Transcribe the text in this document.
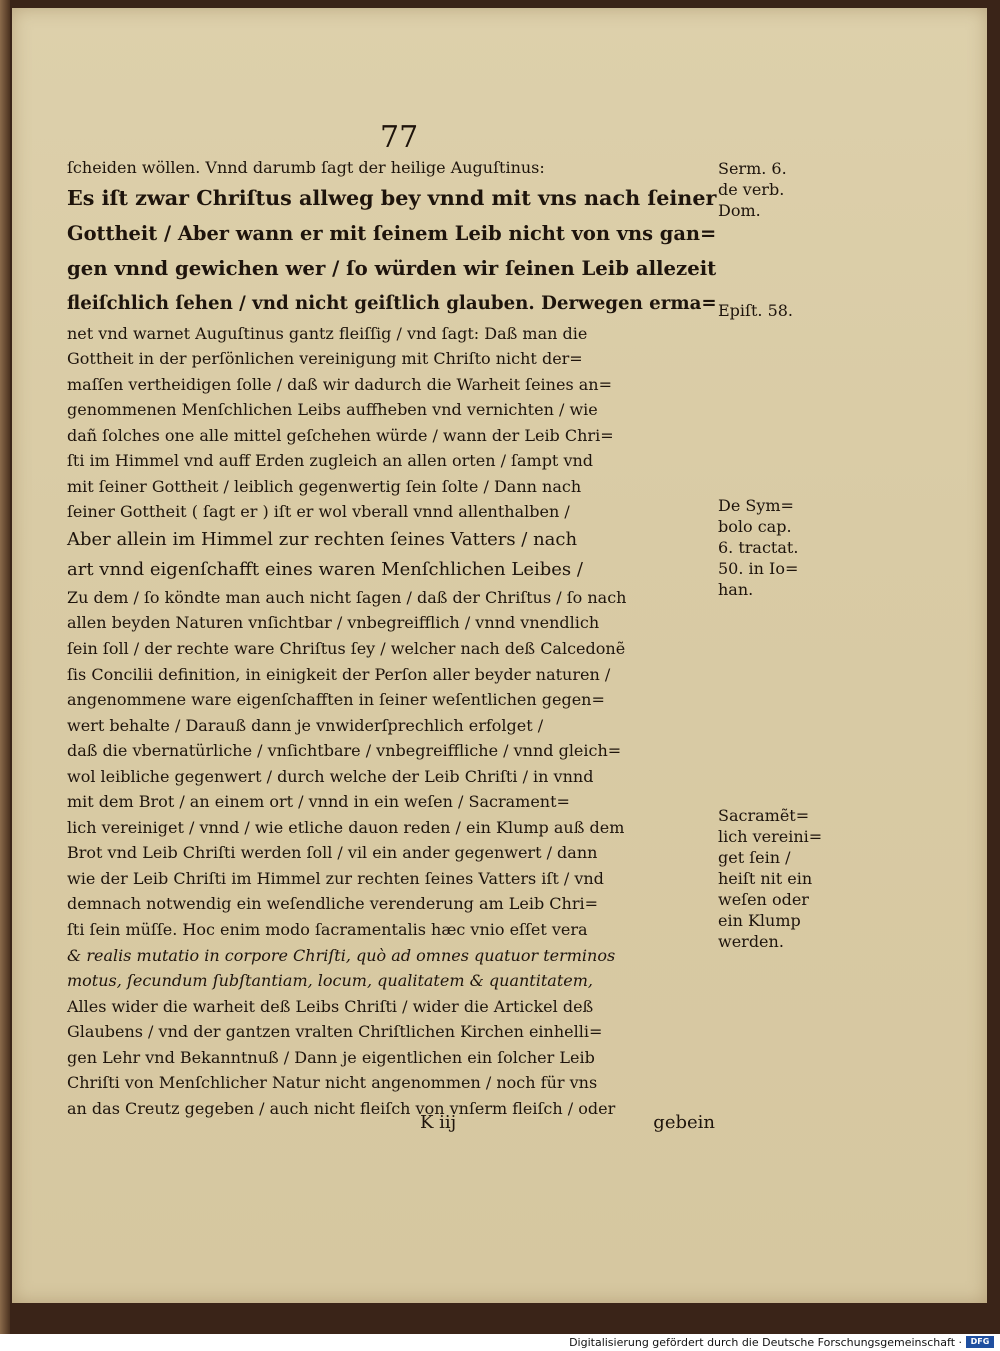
77
ſcheiden wöllen. Vnnd darumb ſagt der heilige Auguſtinus:
Es iſt zwar Chriſtus allweg bey vnnd mit vns nach ſeiner
Gottheit / Aber wann er mit ſeinem Leib nicht von vns gan=
gen vnnd gewichen wer / ſo würden wir ſeinen Leib allezeit
fleiſchlich ſehen / vnd nicht geiſtlich glauben. Derwegen erma=
net vnd warnet Auguſtinus gantz fleiſſig / vnd ſagt: Daß man die
Gottheit in der perſönlichen vereinigung mit Chriſto nicht der=
maſſen vertheidigen ſolle / daß wir dadurch die Warheit ſeines an=
genommenen Menſchlichen Leibs auffheben vnd vernichten / wie
dañ ſolches one alle mittel geſchehen würde / wann der Leib Chri=
ſti im Himmel vnd auff Erden zugleich an allen orten / ſampt vnd
mit ſeiner Gottheit / leiblich gegenwertig ſein ſolte / Dann nach
ſeiner Gottheit ( ſagt er ) iſt er wol vberall vnnd allenthalben /
Aber allein im Himmel zur rechten ſeines Vatters / nach
art vnnd eigenſchafft eines waren Menſchlichen Leibes /
Zu dem / ſo köndte man auch nicht ſagen / daß der Chriſtus / ſo nach
allen beyden Naturen vnſichtbar / vnbegreifflich / vnnd vnendlich
ſein ſoll / der rechte ware Chriſtus ſey / welcher nach deß Calcedonẽ
ſis Concilii definition, in einigkeit der Perſon aller beyder naturen /
angenommene ware eigenſchafften in ſeiner weſentlichen gegen=
wert behalte / Darauß dann je vnwiderſprechlich erfolget /
daß die vbernatürliche / vnſichtbare / vnbegreiffliche / vnnd gleich=
wol leibliche gegenwert / durch welche der Leib Chriſti / in vnnd
mit dem Brot / an einem ort / vnnd in ein weſen / Sacrament=
lich vereiniget / vnnd / wie etliche dauon reden / ein Klump auß dem
Brot vnd Leib Chriſti werden ſoll / vil ein ander gegenwert / dann
wie der Leib Chriſti im Himmel zur rechten ſeines Vatters iſt / vnd
demnach notwendig ein weſendliche verenderung am Leib Chri=
ſti ſein müſſe. Hoc enim modo ſacramentalis hæc vnio eſſet vera
& realis mutatio in corpore Chriſti, quò ad omnes quatuor terminos
motus, ſecundum ſubſtantiam, locum, qualitatem & quantitatem,
Alles wider die warheit deß Leibs Chriſti / wider die Artickel deß
Glaubens / vnd der gantzen vralten Chriſtlichen Kirchen einhelli=
gen Lehr vnd Bekanntnuß / Dann je eigentlichen ein ſolcher Leib
Chriſti von Menſchlicher Natur nicht angenommen / noch für vns
an das Creutz gegeben / auch nicht fleiſch von vnſerm fleiſch / oder
Serm. 6.
de verb.
Dom.
Epiſt. 58.
De Sym=
bolo cap.
6. tractat.
50. in Io=
han.
Sacramẽt=
lich vereini=
get ſein /
heiſt nit ein
weſen oder
ein Klump
werden.
K iij	gebein
Digitalisierung gefördert durch die Deutsche Forschungsgemeinschaft ·	DFG
